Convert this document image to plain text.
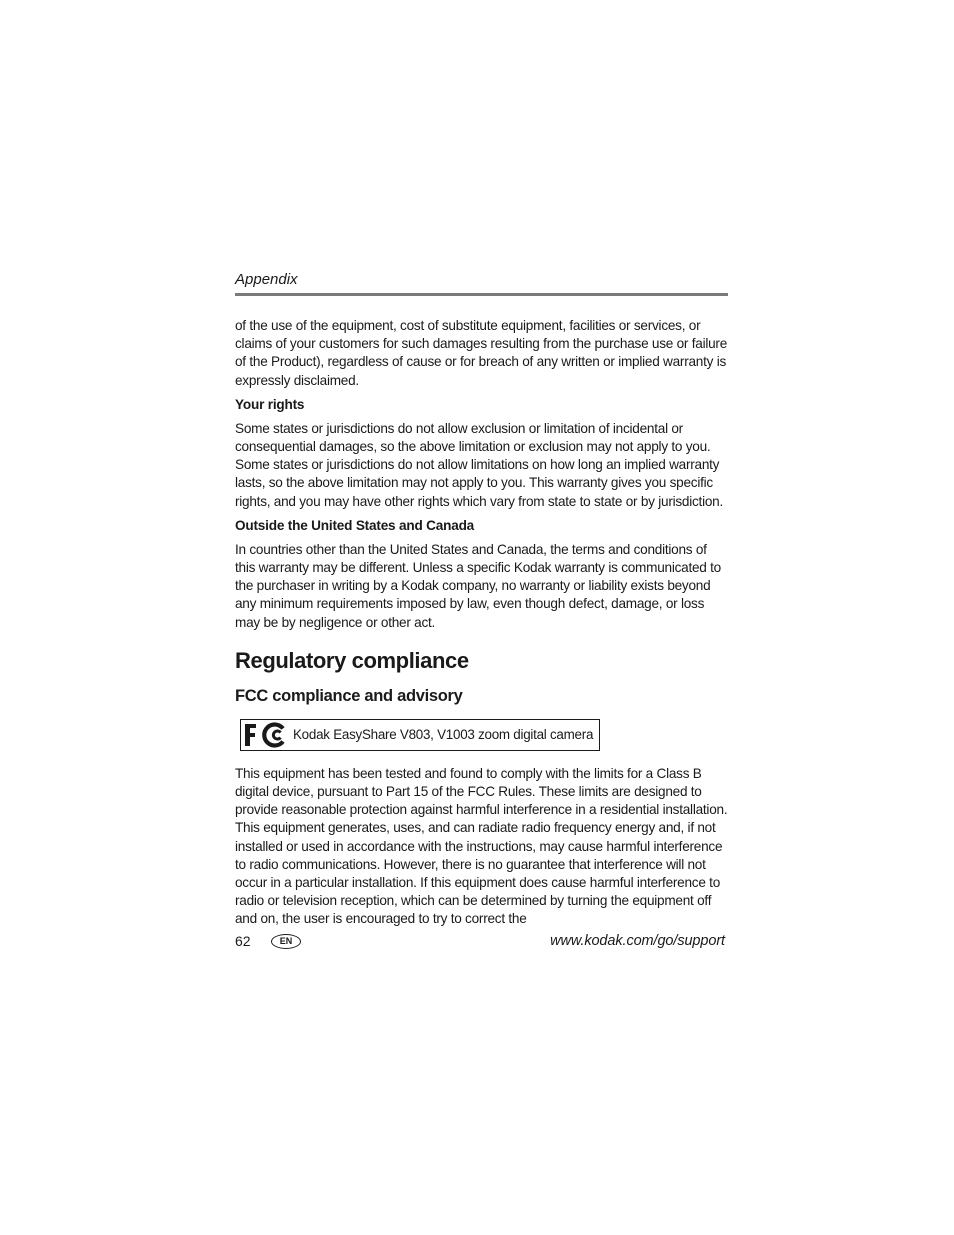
Appendix

of the use of the equipment, cost of substitute equipment, facilities or services, or claims of your customers for such damages resulting from the purchase use or failure of the Product), regardless of cause or for breach of any written or implied warranty is expressly disclaimed.

Your rights

Some states or jurisdictions do not allow exclusion or limitation of incidental or consequential damages, so the above limitation or exclusion may not apply to you. Some states or jurisdictions do not allow limitations on how long an implied warranty lasts, so the above limitation may not apply to you. This warranty gives you specific rights, and you may have other rights which vary from state to state or by jurisdiction.

Outside the United States and Canada

In countries other than the United States and Canada, the terms and conditions of this warranty may be different. Unless a specific Kodak warranty is communicated to the purchaser in writing by a Kodak company, no warranty or liability exists beyond any minimum requirements imposed by law, even though defect, damage, or loss may be by negligence or other act.

Regulatory compliance
FCC compliance and advisory
Kodak EasyShare V803, V1003 zoom digital camera

This equipment has been tested and found to comply with the limits for a Class B digital device, pursuant to Part 15 of the FCC Rules. These limits are designed to provide reasonable protection against harmful interference in a residential installation. This equipment generates, uses, and can radiate radio frequency energy and, if not installed or used in accordance with the instructions, may cause harmful interference to radio communications. However, there is no guarantee that interference will not occur in a particular installation. If this equipment does cause harmful interference to radio or television reception, which can be determined by turning the equipment off and on, the user is encouraged to try to correct the

62	EN	www.kodak.com/go/support
